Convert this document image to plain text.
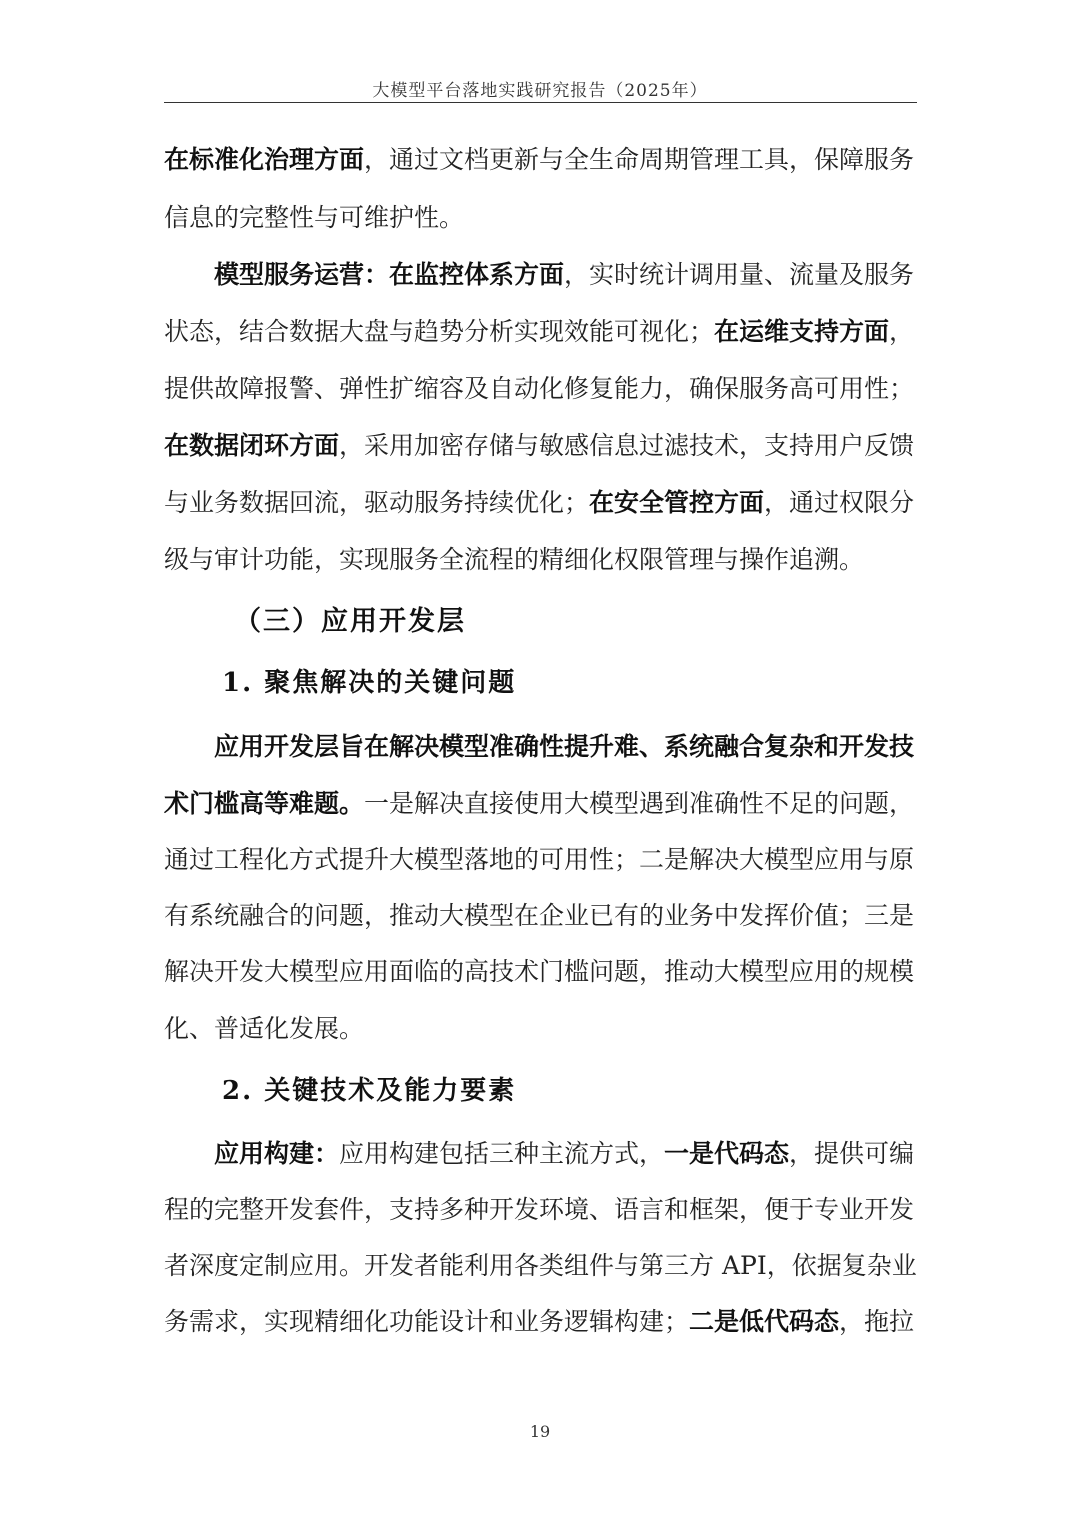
大模型平台落地实践研究报告（2025年）
在标准化治理方面，通过文档更新与全生命周期管理工具，保障服务
信息的完整性与可维护性。
模型服务运营：在监控体系方面，实时统计调用量、流量及服务
状态，结合数据大盘与趋势分析实现效能可视化；在运维支持方面，
提供故障报警、弹性扩缩容及自动化修复能力，确保服务高可用性；
在数据闭环方面，采用加密存储与敏感信息过滤技术，支持用户反馈
与业务数据回流，驱动服务持续优化；在安全管控方面，通过权限分
级与审计功能，实现服务全流程的精细化权限管理与操作追溯。
（三）应用开发层
1. 聚焦解决的关键问题
应用开发层旨在解决模型准确性提升难、系统融合复杂和开发技
术门槛高等难题。一是解决直接使用大模型遇到准确性不足的问题，
通过工程化方式提升大模型落地的可用性；二是解决大模型应用与原
有系统融合的问题，推动大模型在企业已有的业务中发挥价值；三是
解决开发大模型应用面临的高技术门槛问题，推动大模型应用的规模
化、普适化发展。
2. 关键技术及能力要素
应用构建：应用构建包括三种主流方式，一是代码态，提供可编
程的完整开发套件，支持多种开发环境、语言和框架，便于专业开发
者深度定制应用。开发者能利用各类组件与第三方 API，依据复杂业
务需求，实现精细化功能设计和业务逻辑构建；二是低代码态，拖拉
19
